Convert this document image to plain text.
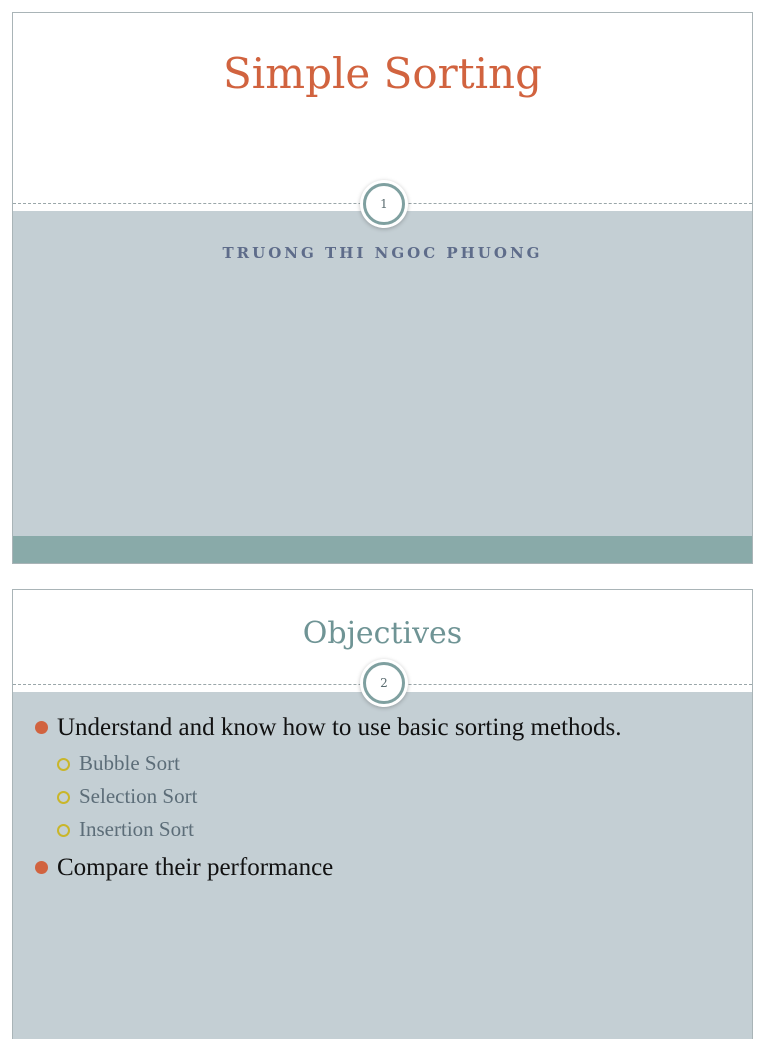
Simple Sorting
1
TRUONG THI NGOC PHUONG
Objectives
2
Understand and know how to use basic sorting methods.
Bubble Sort
Selection Sort
Insertion Sort
Compare their performance
